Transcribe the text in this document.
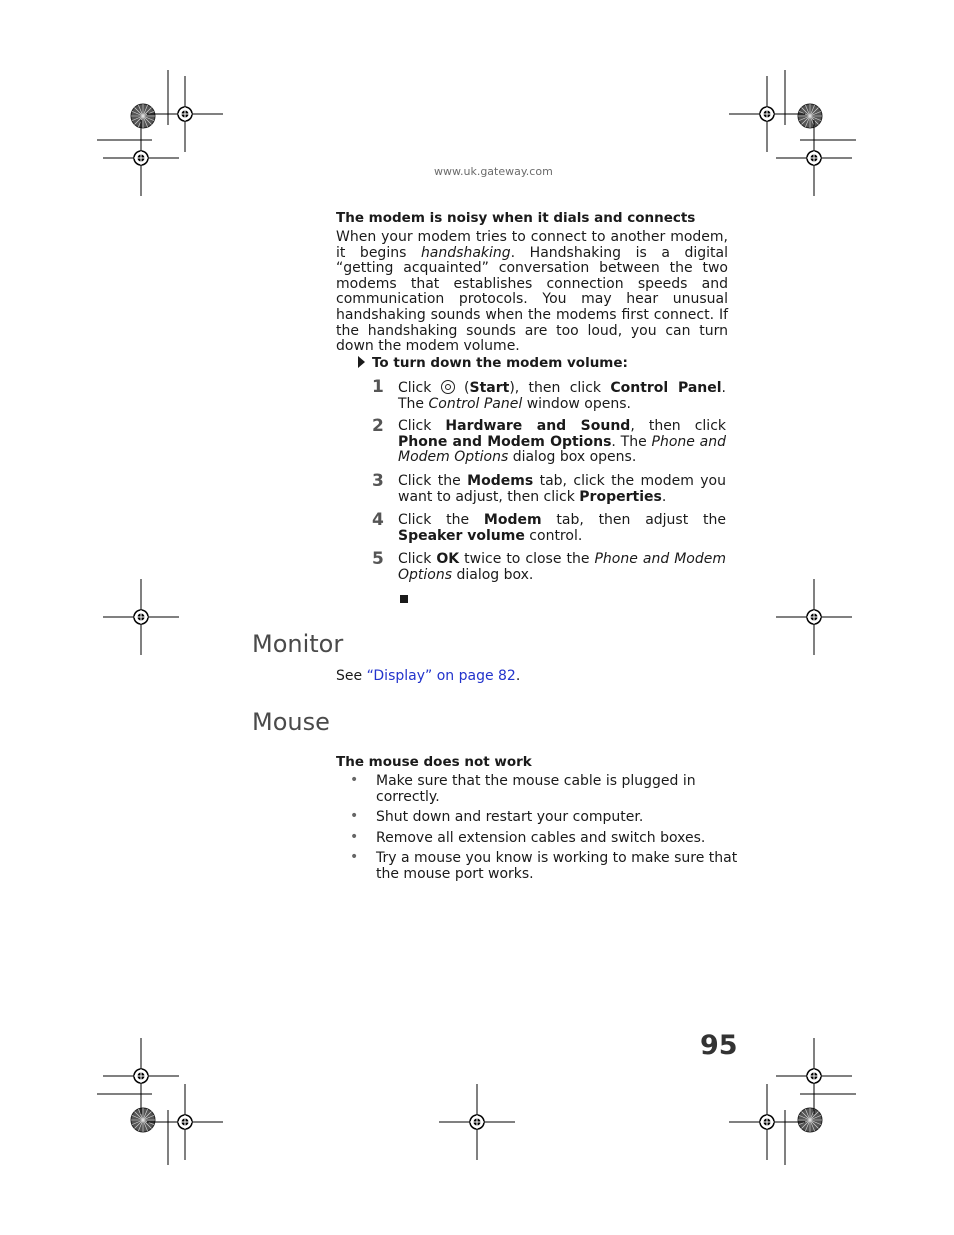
www.uk.gateway.com
The modem is noisy when it dials and connects
When your modem tries to connect to another modem, it begins handshaking. Handshaking is a digital “getting acquainted” conversation between the two modems that establishes connection speeds and communication protocols. You may hear unusual handshaking sounds when the modems first connect. If the handshaking sounds are too loud, you can turn down the modem volume.
To turn down the modem volume:
1 Click  (Start), then click Control Panel. The Control Panel window opens.
2 Click Hardware and Sound, then click Phone and Modem Options. The Phone and Modem Options dialog box opens.
3 Click the Modems tab, click the modem you want to adjust, then click Properties.
4 Click the Modem tab, then adjust the Speaker volume control.
5 Click OK twice to close the Phone and Modem Options dialog box.
Monitor
See “Display” on page 82.
Mouse
The mouse does not work
• Make sure that the mouse cable is plugged in correctly.
• Shut down and restart your computer.
• Remove all extension cables and switch boxes.
• Try a mouse you know is working to make sure that the mouse port works.
95
